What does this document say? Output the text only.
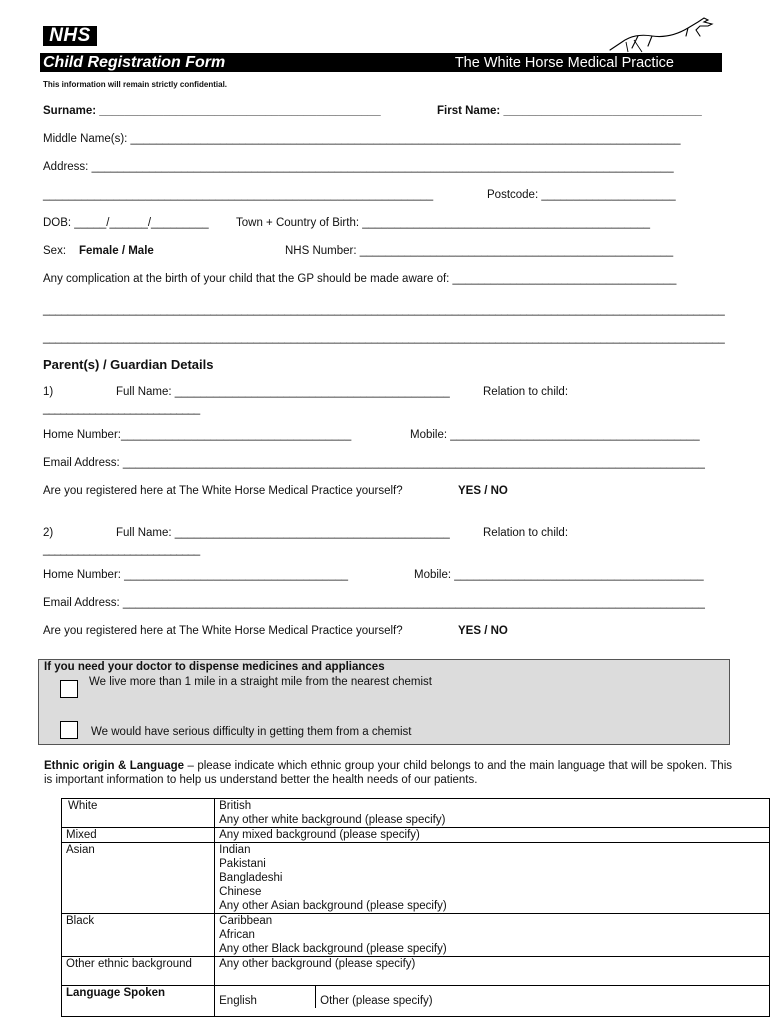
NHS
Child Registration Form	The White Horse Medical Practice
This information will remain strictly confidential.
Surname: ____________________________________________	First Name: _______________________________
Middle Name(s): ______________________________________________________________________________________
Address: ___________________________________________________________________________________________
_____________________________________________________________	Postcode: _____________________
DOB: _____/______/_________ Town + Country of Birth: _____________________________________________
Sex: Female / Male	NHS Number: _________________________________________________
Any complication at the birth of your child that the GP should be made aware of: ___________________________________
______________________________________________________________________________________________________________
______________________________________________________________________________________________________________
Parent(s) / Guardian Details
1)	Full Name: ___________________________________________	Relation to child:
___________________________
Home Number:____________________________________	Mobile: _______________________________________
Email Address: ___________________________________________________________________________________________
Are you registered here at The White Horse Medical Practice yourself?	YES / NO
2)	Full Name: ___________________________________________	Relation to child:
___________________________
Home Number: ___________________________________	Mobile: _______________________________________
Email Address: ___________________________________________________________________________________________
Are you registered here at The White Horse Medical Practice yourself?	YES / NO
If you need your doctor to dispense medicines and appliances
We live more than 1 mile in a straight mile from the nearest chemist
We would have serious difficulty in getting them from a chemist
Ethnic origin & Language – please indicate which ethnic group your child belongs to and the main language that will be spoken. This is important information to help us understand better the health needs of our patients.
White	British
Any other white background (please specify)

Mixed	Any mixed background (please specify)

Asian	Indian
Pakistani
Bangladeshi
Chinese
Any other Asian background (please specify)

Black	Caribbean
African
Any other Black background (please specify)

Other ethnic background	Any other background (please specify)

Language Spoken	English Other (please specify)
